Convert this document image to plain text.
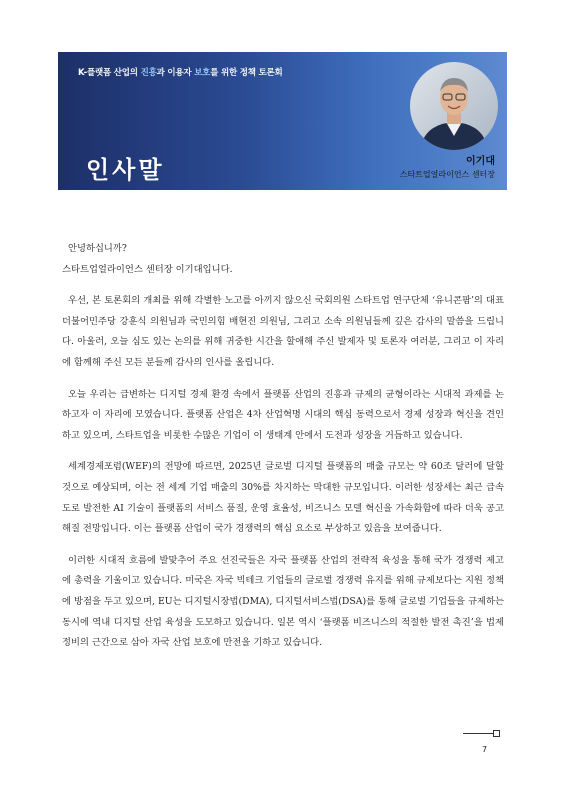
K-플랫폼 산업의 진흥과 이용자 보호를 위한 정책 토론회
인사말	이기대
스타트업얼라이언스 센터장

안녕하십니까?
스타트업얼라이언스 센터장 이기대입니다.

우선, 본 토론회의 개최를 위해 각별한 노고를 아끼지 않으신 국회의원 스타트업 연구단체 ‘유니콘팜’의 대표 더불어민주당 강훈식 의원님과 국민의힘 배현진 의원님, 그리고 소속 의원님들께 깊은 감사의 말씀을 드립니다. 아울러, 오늘 심도 있는 논의를 위해 귀중한 시간을 할애해 주신 발제자 및 토론자 여러분, 그리고 이 자리에 함께해 주신 모든 분들께 감사의 인사를 올립니다.

오늘 우리는 급변하는 디지털 경제 환경 속에서 플랫폼 산업의 진흥과 규제의 균형이라는 시대적 과제를 논하고자 이 자리에 모였습니다. 플랫폼 산업은 4차 산업혁명 시대의 핵심 동력으로서 경제 성장과 혁신을 견인하고 있으며, 스타트업을 비롯한 수많은 기업이 이 생태계 안에서 도전과 성장을 거듭하고 있습니다.

세계경제포럼(WEF)의 전망에 따르면, 2025년 글로벌 디지털 플랫폼의 매출 규모는 약 60조 달러에 달할 것으로 예상되며, 이는 전 세계 기업 매출의 30%를 차지하는 막대한 규모입니다. 이러한 성장세는 최근 급속도로 발전한 AI 기술이 플랫폼의 서비스 품질, 운영 효율성, 비즈니스 모델 혁신을 가속화함에 따라 더욱 공고해질 전망입니다. 이는 플랫폼 산업이 국가 경쟁력의 핵심 요소로 부상하고 있음을 보여줍니다.

이러한 시대적 흐름에 발맞추어 주요 선진국들은 자국 플랫폼 산업의 전략적 육성을 통해 국가 경쟁력 제고에 총력을 기울이고 있습니다. 미국은 자국 빅테크 기업들의 글로벌 경쟁력 유지를 위해 규제보다는 지원 정책에 방점을 두고 있으며, EU는 디지털시장법(DMA), 디지털서비스법(DSA)를 통해 글로벌 기업들을 규제하는 동시에 역내 디지털 산업 육성을 도모하고 있습니다. 일본 역시 ‘플랫폼 비즈니스의 적절한 발전 촉진’을 법제 정비의 근간으로 삼아 자국 산업 보호에 만전을 기하고 있습니다.

7
